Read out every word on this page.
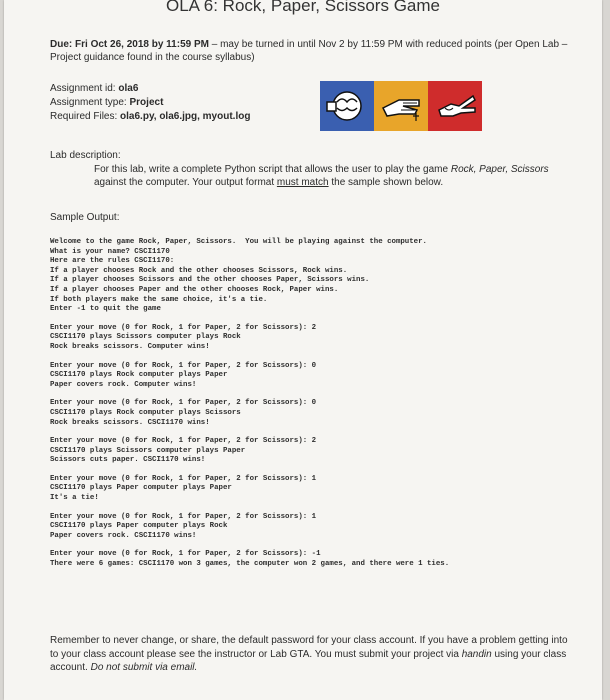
OLA 6: Rock, Paper, Scissors Game
Due: Fri Oct 26, 2018 by 11:59 PM – may be turned in until Nov 2 by 11:59 PM with reduced points (per Open Lab – Project guidance found in the course syllabus)
Assignment id: ola6
Assignment type: Project
Required Files: ola6.py, ola6.jpg, myout.log
Lab description:
For this lab, write a complete Python script that allows the user to play the game Rock, Paper, Scissors against the computer. Your output format must match the sample shown below.
Sample Output:
Welcome to the game Rock, Paper, Scissors.  You will be playing against the computer.
What is your name? CSCI1170
Here are the rules CSCI1170:
If a player chooses Rock and the other chooses Scissors, Rock wins.
If a player chooses Scissors and the other chooses Paper, Scissors wins.
If a player chooses Paper and the other chooses Rock, Paper wins.
If both players make the same choice, it's a tie.
Enter -1 to quit the game
Enter your move (0 for Rock, 1 for Paper, 2 for Scissors): 2
CSCI1170 plays Scissors computer plays Rock
Rock breaks scissors. Computer wins!
Enter your move (0 for Rock, 1 for Paper, 2 for Scissors): 0
CSCI1170 plays Rock computer plays Paper
Paper covers rock. Computer wins!
Enter your move (0 for Rock, 1 for Paper, 2 for Scissors): 0
CSCI1170 plays Rock computer plays Scissors
Rock breaks scissors. CSCI1170 wins!
Enter your move (0 for Rock, 1 for Paper, 2 for Scissors): 2
CSCI1170 plays Scissors computer plays Paper
Scissors cuts paper. CSCI1170 wins!
Enter your move (0 for Rock, 1 for Paper, 2 for Scissors): 1
CSCI1170 plays Paper computer plays Paper
It's a tie!
Enter your move (0 for Rock, 1 for Paper, 2 for Scissors): 1
CSCI1170 plays Paper computer plays Rock
Paper covers rock. CSCI1170 wins!
Enter your move (0 for Rock, 1 for Paper, 2 for Scissors): -1
There were 6 games: CSCI1170 won 3 games, the computer won 2 games, and there were 1 ties.
Remember to never change, or share, the default password for your class account. If you have a problem getting into to your class account please see the instructor or Lab GTA. You must submit your project via handin using your class account. Do not submit via email.
